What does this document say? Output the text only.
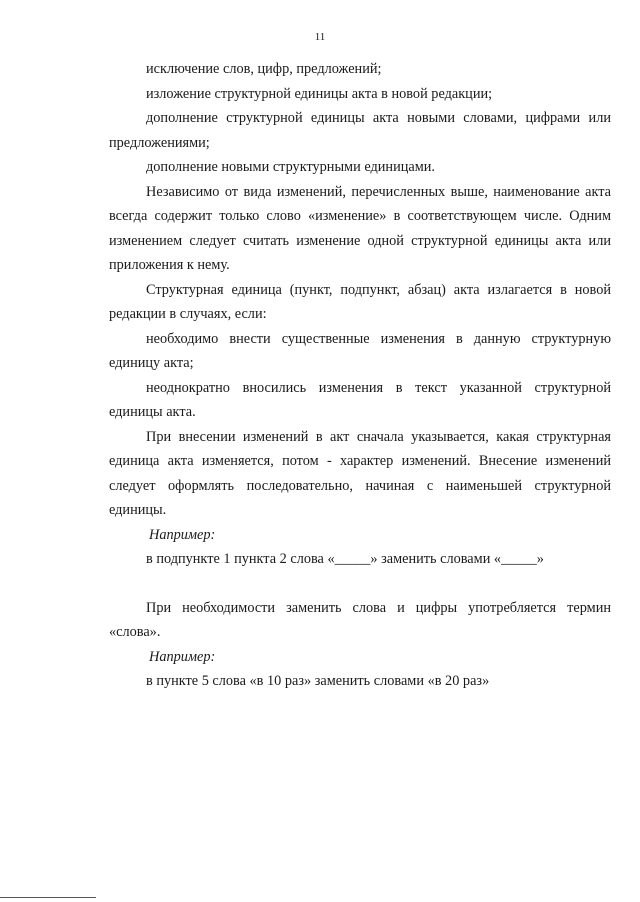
11

исключение слов, цифр, предложений;

изложение структурной единицы акта в новой редакции;

дополнение структурной единицы акта новыми словами, цифрами или предложениями;

дополнение новыми структурными единицами.

Независимо от вида изменений, перечисленных выше, наименование акта всегда содержит только слово «изменение» в соответствующем числе. Одним изменением следует считать изменение одной структурной единицы акта или приложения к нему.

Структурная единица (пункт, подпункт, абзац) акта излагается в новой редакции в случаях, если:

необходимо внести существенные изменения в данную структурную единицу акта;

неоднократно вносились изменения в текст указанной структурной единицы акта.

При внесении изменений в акт сначала указывается, какая структурная единица акта изменяется, потом - характер изменений. Внесение изменений следует оформлять последовательно, начиная с наименьшей структурной единицы.

Например:

в подпункте 1 пункта 2 слова «_____» заменить словами «_____»

При необходимости заменить слова и цифры употребляется термин «слова».

Например:

в пункте 5 слова «в 10 раз» заменить словами «в 20 раз»
